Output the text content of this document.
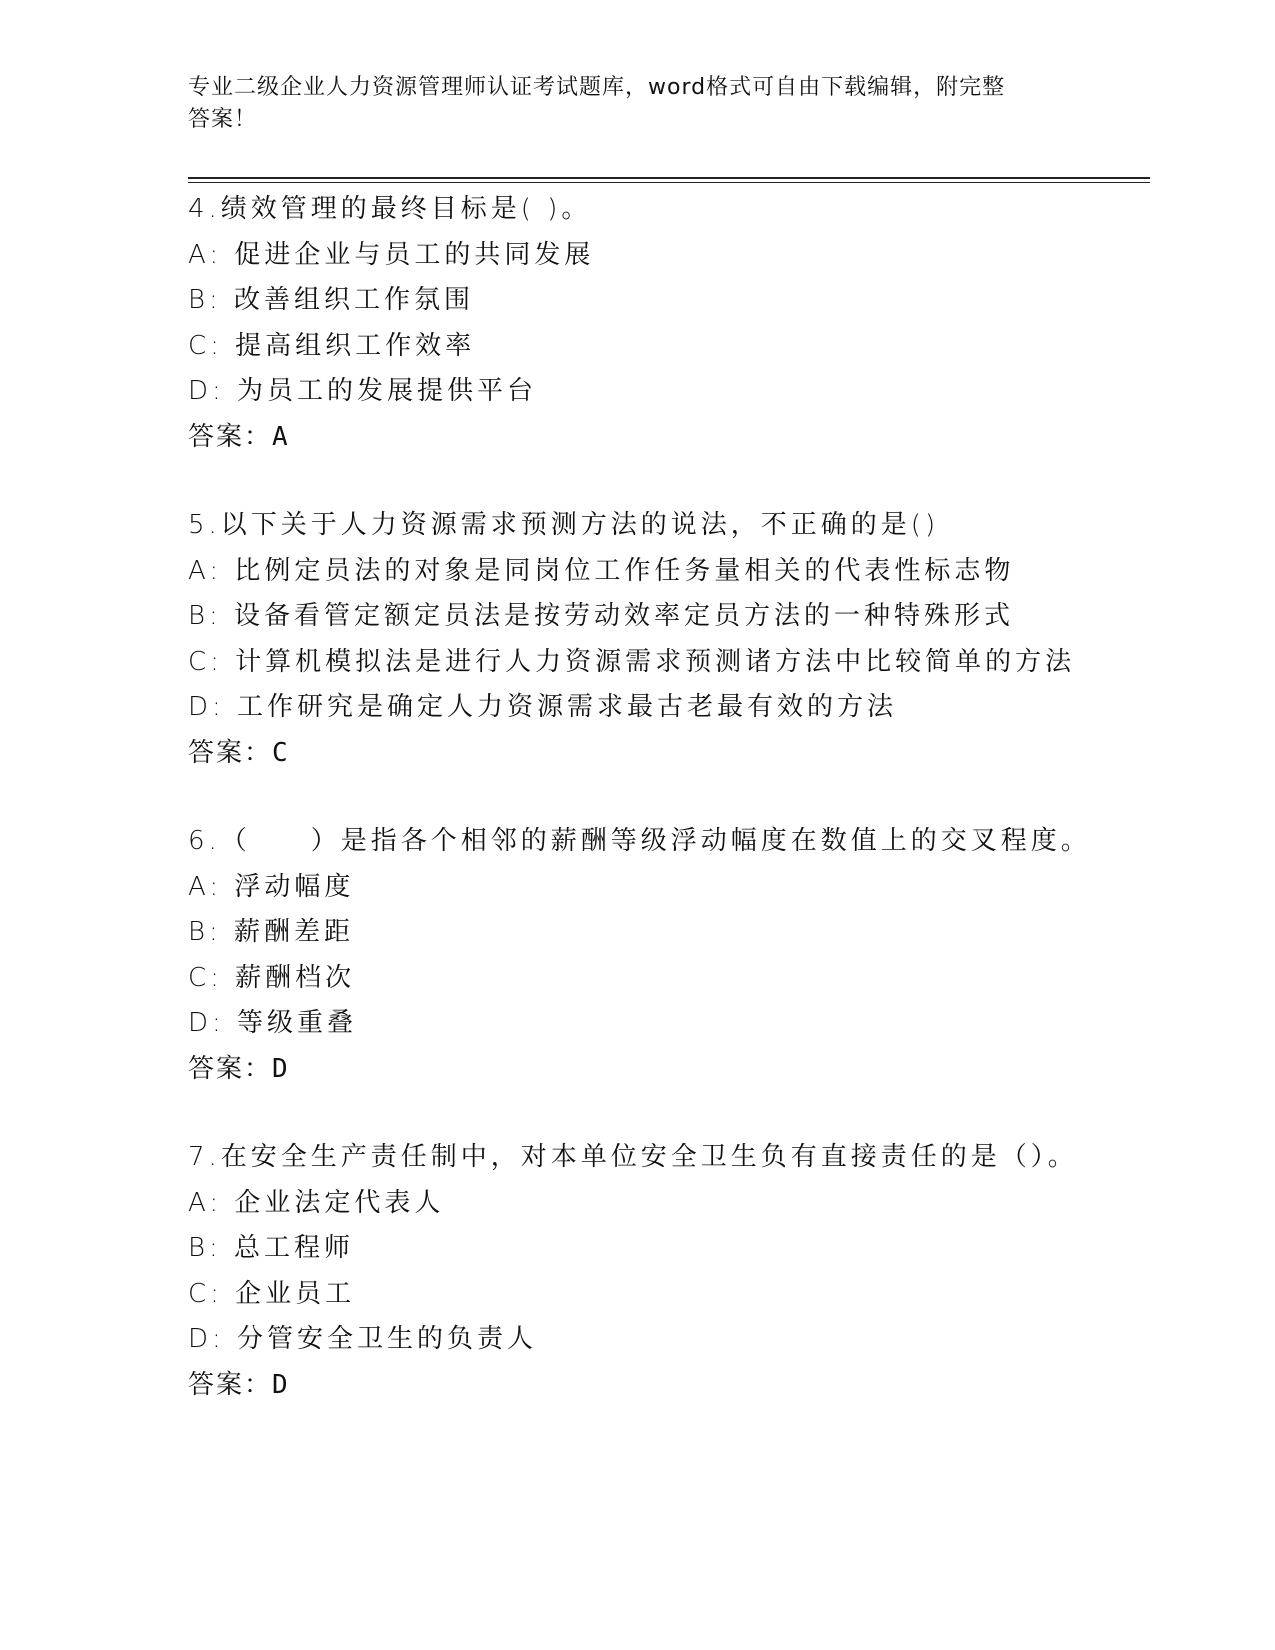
专业二级企业人力资源管理师认证考试题库，word格式可自由下载编辑，附完整
答案！
4.绩效管理的最终目标是( )。
A: 促进企业与员工的共同发展
B: 改善组织工作氛围
C: 提高组织工作效率
D: 为员工的发展提供平台
答案：A
5.以下关于人力资源需求预测方法的说法，不正确的是()
A: 比例定员法的对象是同岗位工作任务量相关的代表性标志物
B: 设备看管定额定员法是按劳动效率定员方法的一种特殊形式
C: 计算机模拟法是进行人力资源需求预测诸方法中比较简单的方法
D: 工作研究是确定人力资源需求最古老最有效的方法
答案：C
6.（　　）是指各个相邻的薪酬等级浮动幅度在数值上的交叉程度。
A: 浮动幅度
B: 薪酬差距
C: 薪酬档次
D: 等级重叠
答案：D
7.在安全生产责任制中，对本单位安全卫生负有直接责任的是（）。
A: 企业法定代表人
B: 总工程师
C: 企业员工
D: 分管安全卫生的负责人
答案：D
